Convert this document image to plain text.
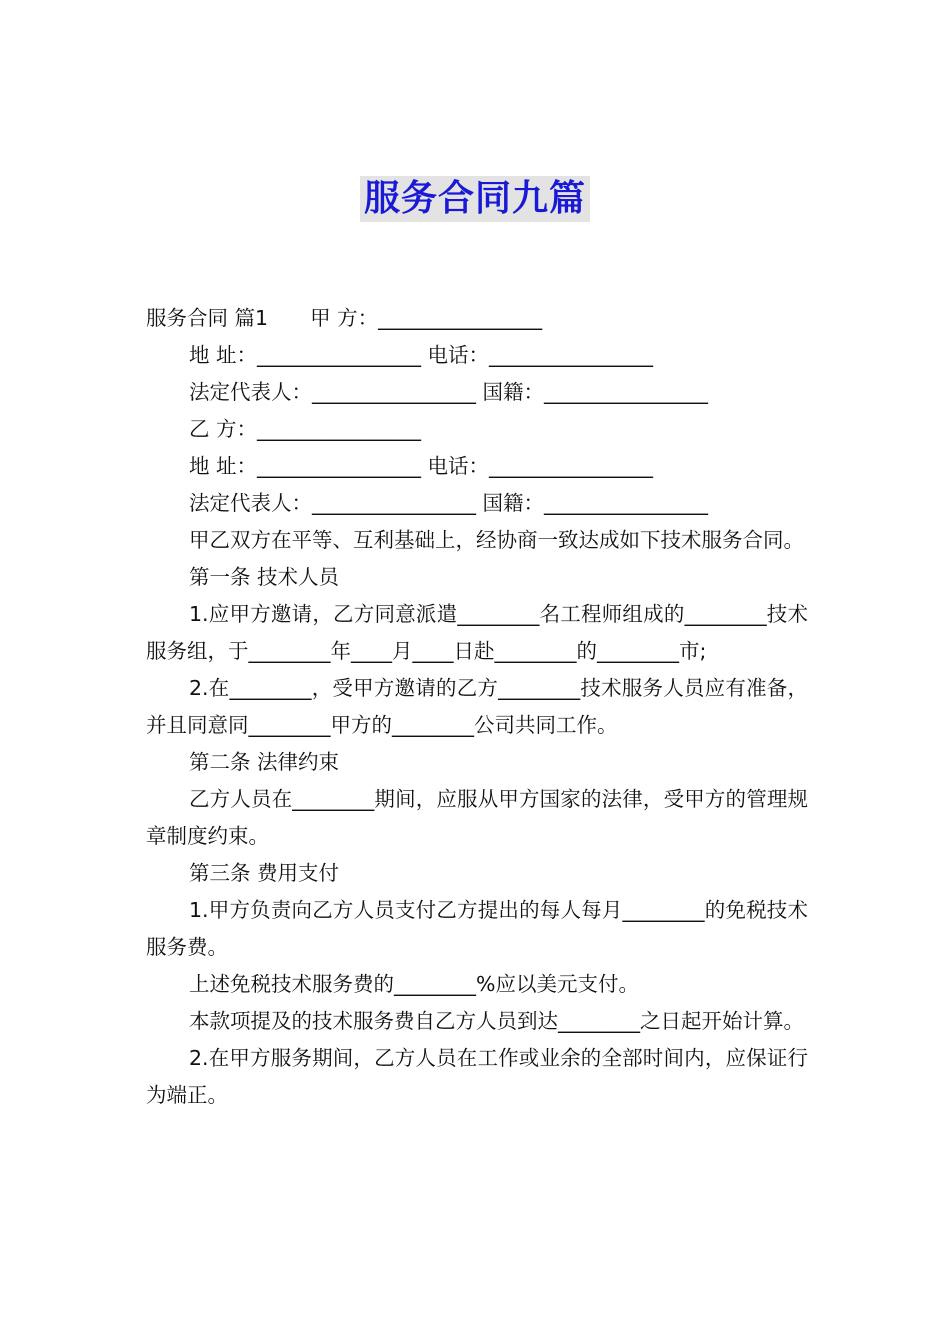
服务合同九篇
服务合同 篇1 甲 方：________________
地 址：________________ 电话：________________
法定代表人：________________ 国籍：________________
乙 方：________________
地 址：________________ 电话：________________
法定代表人：________________ 国籍：________________
甲乙双方在平等、互利基础上，经协商一致达成如下技术服务合同。
第一条 技术人员
1.应甲方邀请，乙方同意派遣________名工程师组成的________技术服务组，于________年____月____日赴________的________市;
2.在________，受甲方邀请的乙方________技术服务人员应有准备，并且同意同________甲方的________公司共同工作。
第二条 法律约束
乙方人员在________期间，应服从甲方国家的法律，受甲方的管理规章制度约束。
第三条 费用支付
1.甲方负责向乙方人员支付乙方提出的每人每月________的免税技术服务费。
上述免税技术服务费的________%应以美元支付。
本款项提及的技术服务费自乙方人员到达________之日起开始计算。
2.在甲方服务期间，乙方人员在工作或业余的全部时间内，应保证行为端正。
